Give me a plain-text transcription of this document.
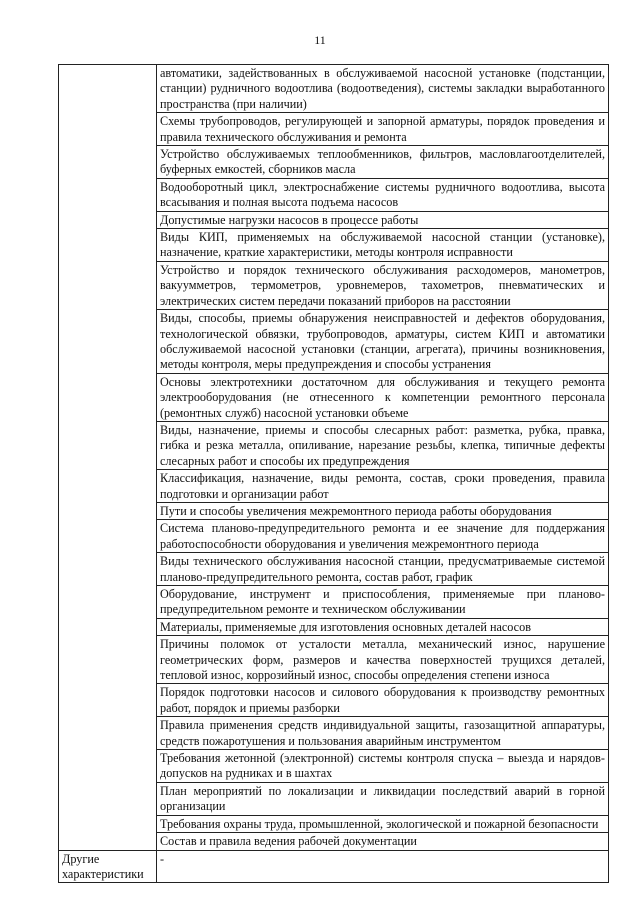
11
	автоматики, задействованных в обслуживаемой насосной установке (подстанции, станции) рудничного водоотлива (водоотведения), системы закладки выработанного пространства (при наличии)
	Схемы трубопроводов, регулирующей и запорной арматуры, порядок проведения и правила технического обслуживания и ремонта
	Устройство обслуживаемых теплообменников, фильтров, масловлагоотделителей, буферных емкостей, сборников масла
	Водооборотный цикл, электроснабжение системы рудничного водоотлива, высота всасывания и полная высота подъема насосов
	Допустимые нагрузки насосов в процессе работы
	Виды КИП, применяемых на обслуживаемой насосной станции (установке), назначение, краткие характеристики, методы контроля исправности
	Устройство и порядок технического обслуживания расходомеров, манометров, вакуумметров, термометров, уровнемеров, тахометров, пневматических и электрических систем передачи показаний приборов на расстоянии
	Виды, способы, приемы обнаружения неисправностей и дефектов оборудования, технологической обвязки, трубопроводов, арматуры, систем КИП и автоматики обслуживаемой насосной установки (станции, агрегата), причины возникновения, методы контроля, меры предупреждения и способы устранения
	Основы электротехники достаточном для обслуживания и текущего ремонта электрооборудования (не отнесенного к компетенции ремонтного персонала (ремонтных служб) насосной установки объеме
	Виды, назначение, приемы и способы слесарных работ: разметка, рубка, правка, гибка и резка металла, опиливание, нарезание резьбы, клепка, типичные дефекты слесарных работ и способы их предупреждения
	Классификация, назначение, виды ремонта, состав, сроки проведения, правила подготовки и организации работ
	Пути и способы увеличения межремонтного периода работы оборудования
	Система планово-предупредительного ремонта и ее значение для поддержания работоспособности оборудования и увеличения межремонтного периода
	Виды технического обслуживания насосной станции, предусматриваемые системой планово-предупредительного ремонта, состав работ, график
	Оборудование, инструмент и приспособления, применяемые при планово-предупредительном ремонте и техническом обслуживании
	Материалы, применяемые для изготовления основных деталей насосов
	Причины поломок от усталости металла, механический износ, нарушение геометрических форм, размеров и качества поверхностей трущихся деталей, тепловой износ, коррозийный износ, способы определения степени износа
	Порядок подготовки насосов и силового оборудования к производству ремонтных работ, порядок и приемы разборки
	Правила применения средств индивидуальной защиты, газозащитной аппаратуры, средств пожаротушения и пользования аварийным инструментом
	Требования жетонной (электронной) системы контроля спуска – выезда и нарядов-допусков на рудниках и в шахтах
	План мероприятий по локализации и ликвидации последствий аварий в горной организации
	Требования охраны труда, промышленной, экологической и пожарной безопасности
	Состав и правила ведения рабочей документации
Другие характеристики	-
